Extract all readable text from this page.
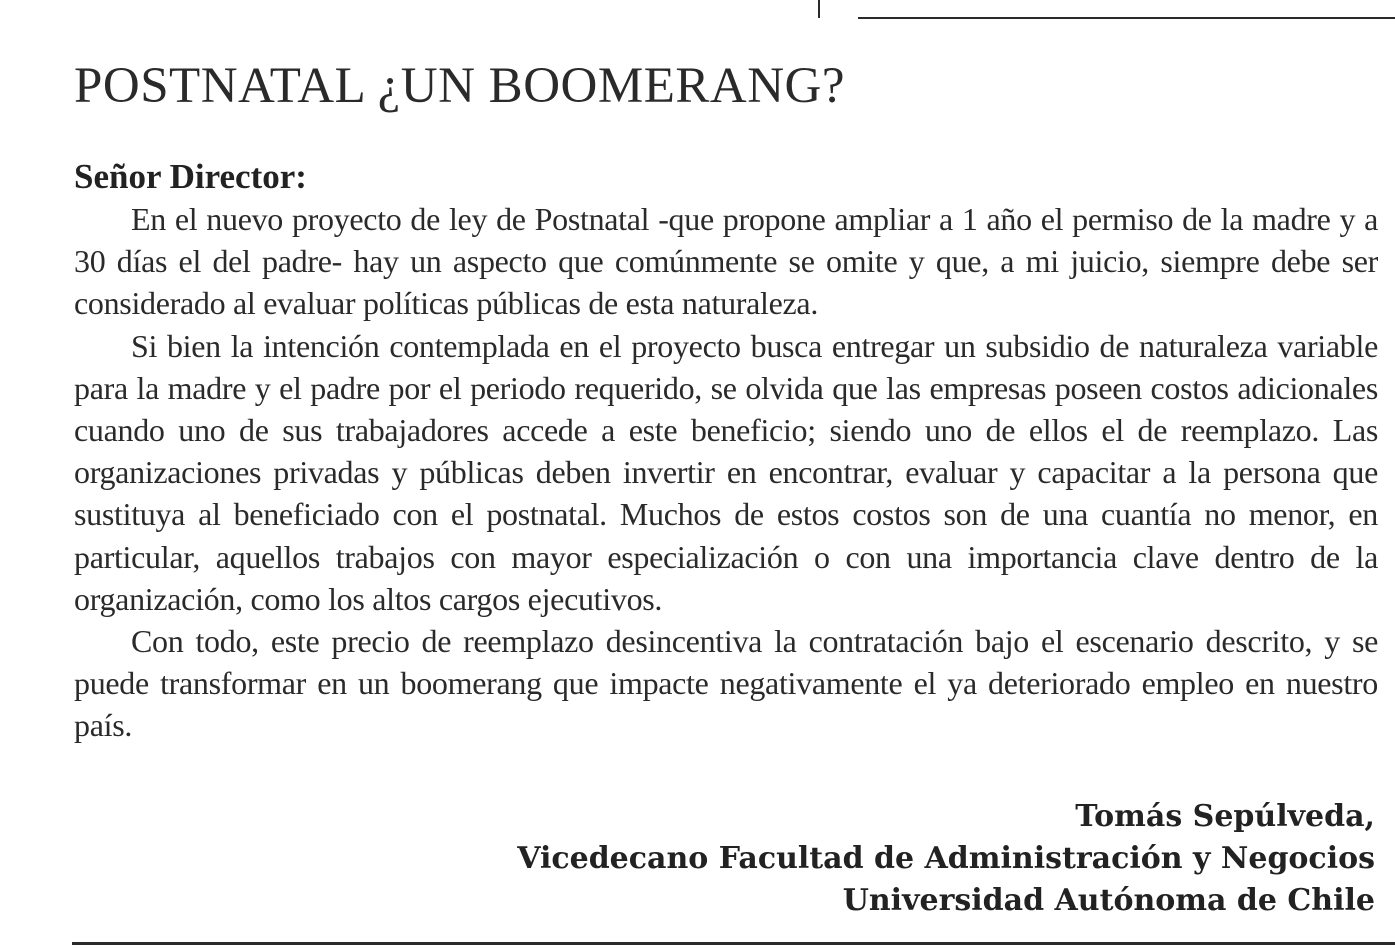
POSTNATAL ¿UN BOOMERANG?

Señor Director:

En el nuevo proyecto de ley de Postnatal -que propone ampliar a 1 año el permiso de la madre y a 30 días el del padre- hay un aspecto que comúnmente se omite y que, a mi juicio, siempre debe ser considerado al evaluar políticas públicas de esta naturaleza.

Si bien la intención contemplada en el proyecto busca entregar un subsidio de naturaleza variable para la madre y el padre por el periodo requerido, se olvida que las empresas poseen costos adicionales cuando uno de sus trabajadores accede a este beneficio; siendo uno de ellos el de reemplazo. Las organizaciones privadas y públicas deben invertir en encontrar, evaluar y capacitar a la persona que sustituya al beneficiado con el postnatal. Muchos de estos costos son de una cuantía no menor, en particular, aquellos trabajos con mayor especialización o con una importancia clave dentro de la organización, como los altos cargos ejecutivos.

Con todo, este precio de reemplazo desincentiva la contratación bajo el escenario descrito, y se puede transformar en un boomerang que impacte negativamente el ya deteriorado empleo en nuestro país.

Tomás Sepúlveda,
Vicedecano Facultad de Administración y Negocios
Universidad Autónoma de Chile
